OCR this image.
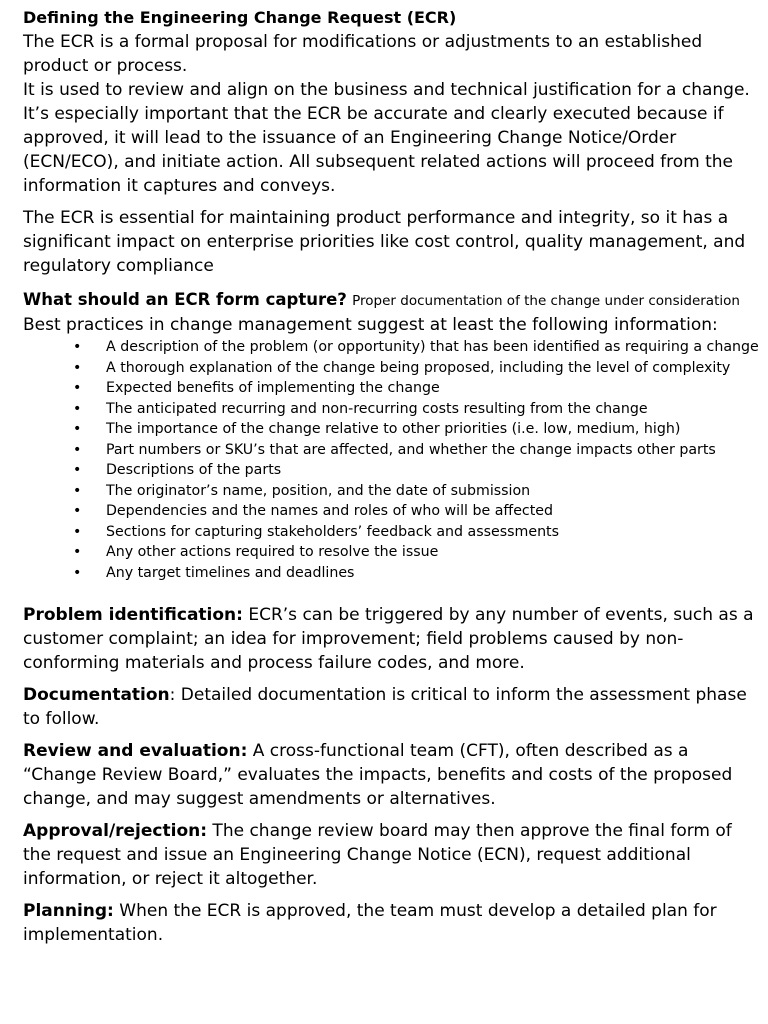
Defining the Engineering Change Request (ECR)

The ECR is a formal proposal for modifications or adjustments to an established product or process.

It is used to review and align on the business and technical justification for a change. It’s especially important that the ECR be accurate and clearly executed because if approved, it will lead to the issuance of an Engineering Change Notice/Order (ECN/ECO), and initiate action. All subsequent related actions will proceed from the information it captures and conveys.

The ECR is essential for maintaining product performance and integrity, so it has a significant impact on enterprise priorities like cost control, quality management, and regulatory compliance

What should an ECR form capture? Proper documentation of the change under consideration

Best practices in change management suggest at least the following information:

• A description of the problem (or opportunity) that has been identified as requiring a change
• A thorough explanation of the change being proposed, including the level of complexity
• Expected benefits of implementing the change
• The anticipated recurring and non-recurring costs resulting from the change
• The importance of the change relative to other priorities (i.e. low, medium, high)
• Part numbers or SKU’s that are affected, and whether the change impacts other parts
• Descriptions of the parts
• The originator’s name, position, and the date of submission
• Dependencies and the names and roles of who will be affected
• Sections for capturing stakeholders’ feedback and assessments
• Any other actions required to resolve the issue
• Any target timelines and deadlines

Problem identification: ECR’s can be triggered by any number of events, such as a customer complaint; an idea for improvement; field problems caused by non-conforming materials and process failure codes, and more.

Documentation: Detailed documentation is critical to inform the assessment phase to follow.

Review and evaluation: A cross-functional team (CFT), often described as a “Change Review Board,” evaluates the impacts, benefits and costs of the proposed change, and may suggest amendments or alternatives.

Approval/rejection: The change review board may then approve the final form of the request and issue an Engineering Change Notice (ECN), request additional information, or reject it altogether.

Planning: When the ECR is approved, the team must develop a detailed plan for implementation.
